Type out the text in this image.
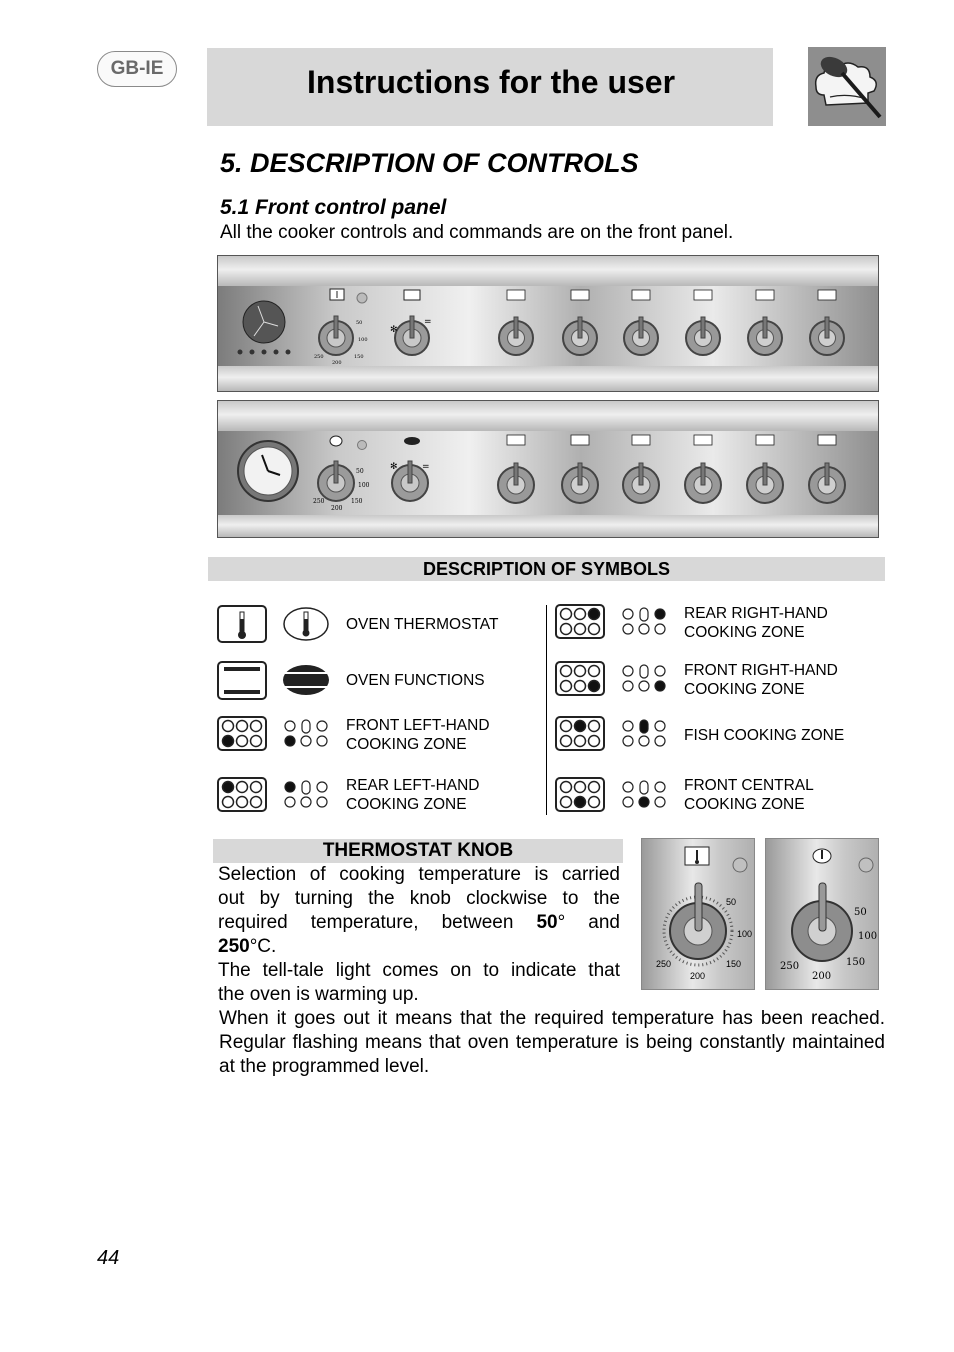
GB-IE	Instructions for the user
5. DESCRIPTION OF CONTROLS
5.1 Front control panel
All the cooker controls and commands are on the front panel.
50
100
150
200
250
✻
=
50
100
150
200
250
✻	=
DESCRIPTION OF SYMBOLS
OVEN THERMOSTAT
OVEN FUNCTIONS
FRONT LEFT-HAND
COOKING ZONE
REAR LEFT-HAND
COOKING ZONE
REAR RIGHT-HAND
COOKING ZONE
FRONT RIGHT-HAND
COOKING ZONE
FISH COOKING ZONE
FRONT CENTRAL
COOKING ZONE
THERMOSTAT KNOB
Selection of cooking temperature is carried
out by turning the knob clockwise to the
required temperature, between 50° and
250°C.
The tell-tale light comes on to indicate that
the oven is warming up.
When it goes out it means that the required temperature has been reached. Regular flashing means that oven temperature is being constantly maintained at the programmed level.
50
100
150
200
250
50
100
150
200
250
44
